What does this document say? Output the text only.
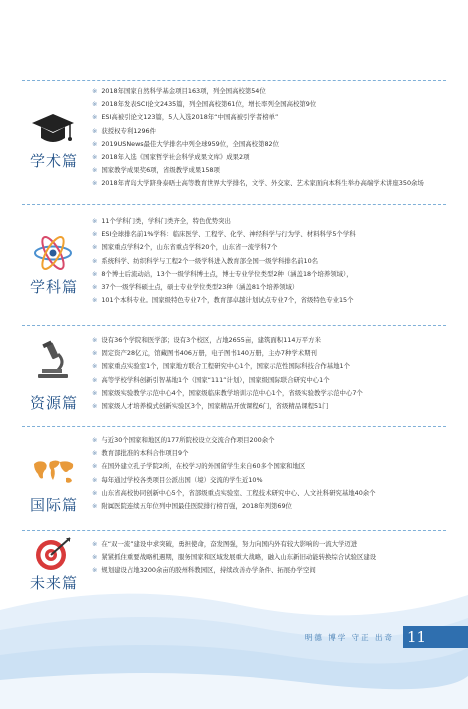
学术篇
※ 2018年国家自然科学基金项目163项，列全国高校第54位
※ 2018年发表SCI论文2435篇，列全国高校第61位，增长率列全国高校第9位
※ ESI高被引论文123篇，5人入选2018年“中国高被引学者榜单”
※ 获授权专利1296件
※ 2019USNews最佳大学排名中列全球959位，全国高校第82位
※ 2018年入选《国家哲学社会科学成果文库》成果2项
※ 国家教学成果奖6项，省级教学成果158项
※ 2018年青岛大学跻身泰晤士高等教育世界大学排名，文学、外交家、艺术家面向本科生举办高端学术讲座350余场
学科篇
※ 11个学科门类，学科门类齐全，特色优势突出
※ ESI全球排名前1%学科：临床医学、工程学、化学、神经科学与行为学、材料科学5个学科
※ 国家重点学科2个，山东省重点学科20个，山东省一流学科7个
※ 系统科学、纺织科学与工程2个一级学科进入教育部全国一级学科排名前10名
※ 8个博士后流动站，13个一级学科博士点，博士专业学位类型2种（涵盖18个培养领域），
※ 37个一级学科硕士点，硕士专业学位类型23种（涵盖81个培养领域）
※ 101个本科专业。国家级特色专业7个，教育部卓越计划试点专业7个，省级特色专业15个
资源篇
※ 设有36个学院和医学部；设有3个校区，占地2655亩，建筑面积114万平方米
※ 固定资产28亿元，馆藏图书406万册，电子图书140万册，主办7种学术期刊
※ 国家重点实验室1个，国家地方联合工程研究中心1个，国家示范性国际科技合作基地1个
※ 高等学校学科创新引智基地1个（国家“111”计划），国家级国际联合研究中心1个
※ 国家级实验教学示范中心4个，国家级临床教学培训示范中心1个，省级实验教学示范中心7个
※ 国家级人才培养模式创新实验区3个，国家精品开放课程6门，省级精品课程51门
国际篇
※ 与近30个国家和地区的177所院校设立交流合作项目200余个
※ 教育部批准的本科合作项目9个
※ 在国外建立孔子学院2所，在校学习的外国留学生来自60多个国家和地区
※ 每年通过学校各类项目公派出国（境）交流的学生近10%
※ 山东省高校协同创新中心5个，省部级重点实验室、工程技术研究中心、人文社科研究基地40余个
※ 附属医院连续五年位列中国最佳医院排行榜百强，2018年列第69位
未来篇
※ 在“双一流”建设中求突破，勇担使命，奋发图强，努力向国内外有较大影响的一流大学迈进
※ 紧紧抓住重要战略机遇期，服务国家和区域发展重大战略，融入山东新旧动能转换综合试验区建设
※ 规划建设占地3200余亩的胶州科教园区，持续改善办学条件、拓展办学空间
明德 博学 守正 出奇 11
